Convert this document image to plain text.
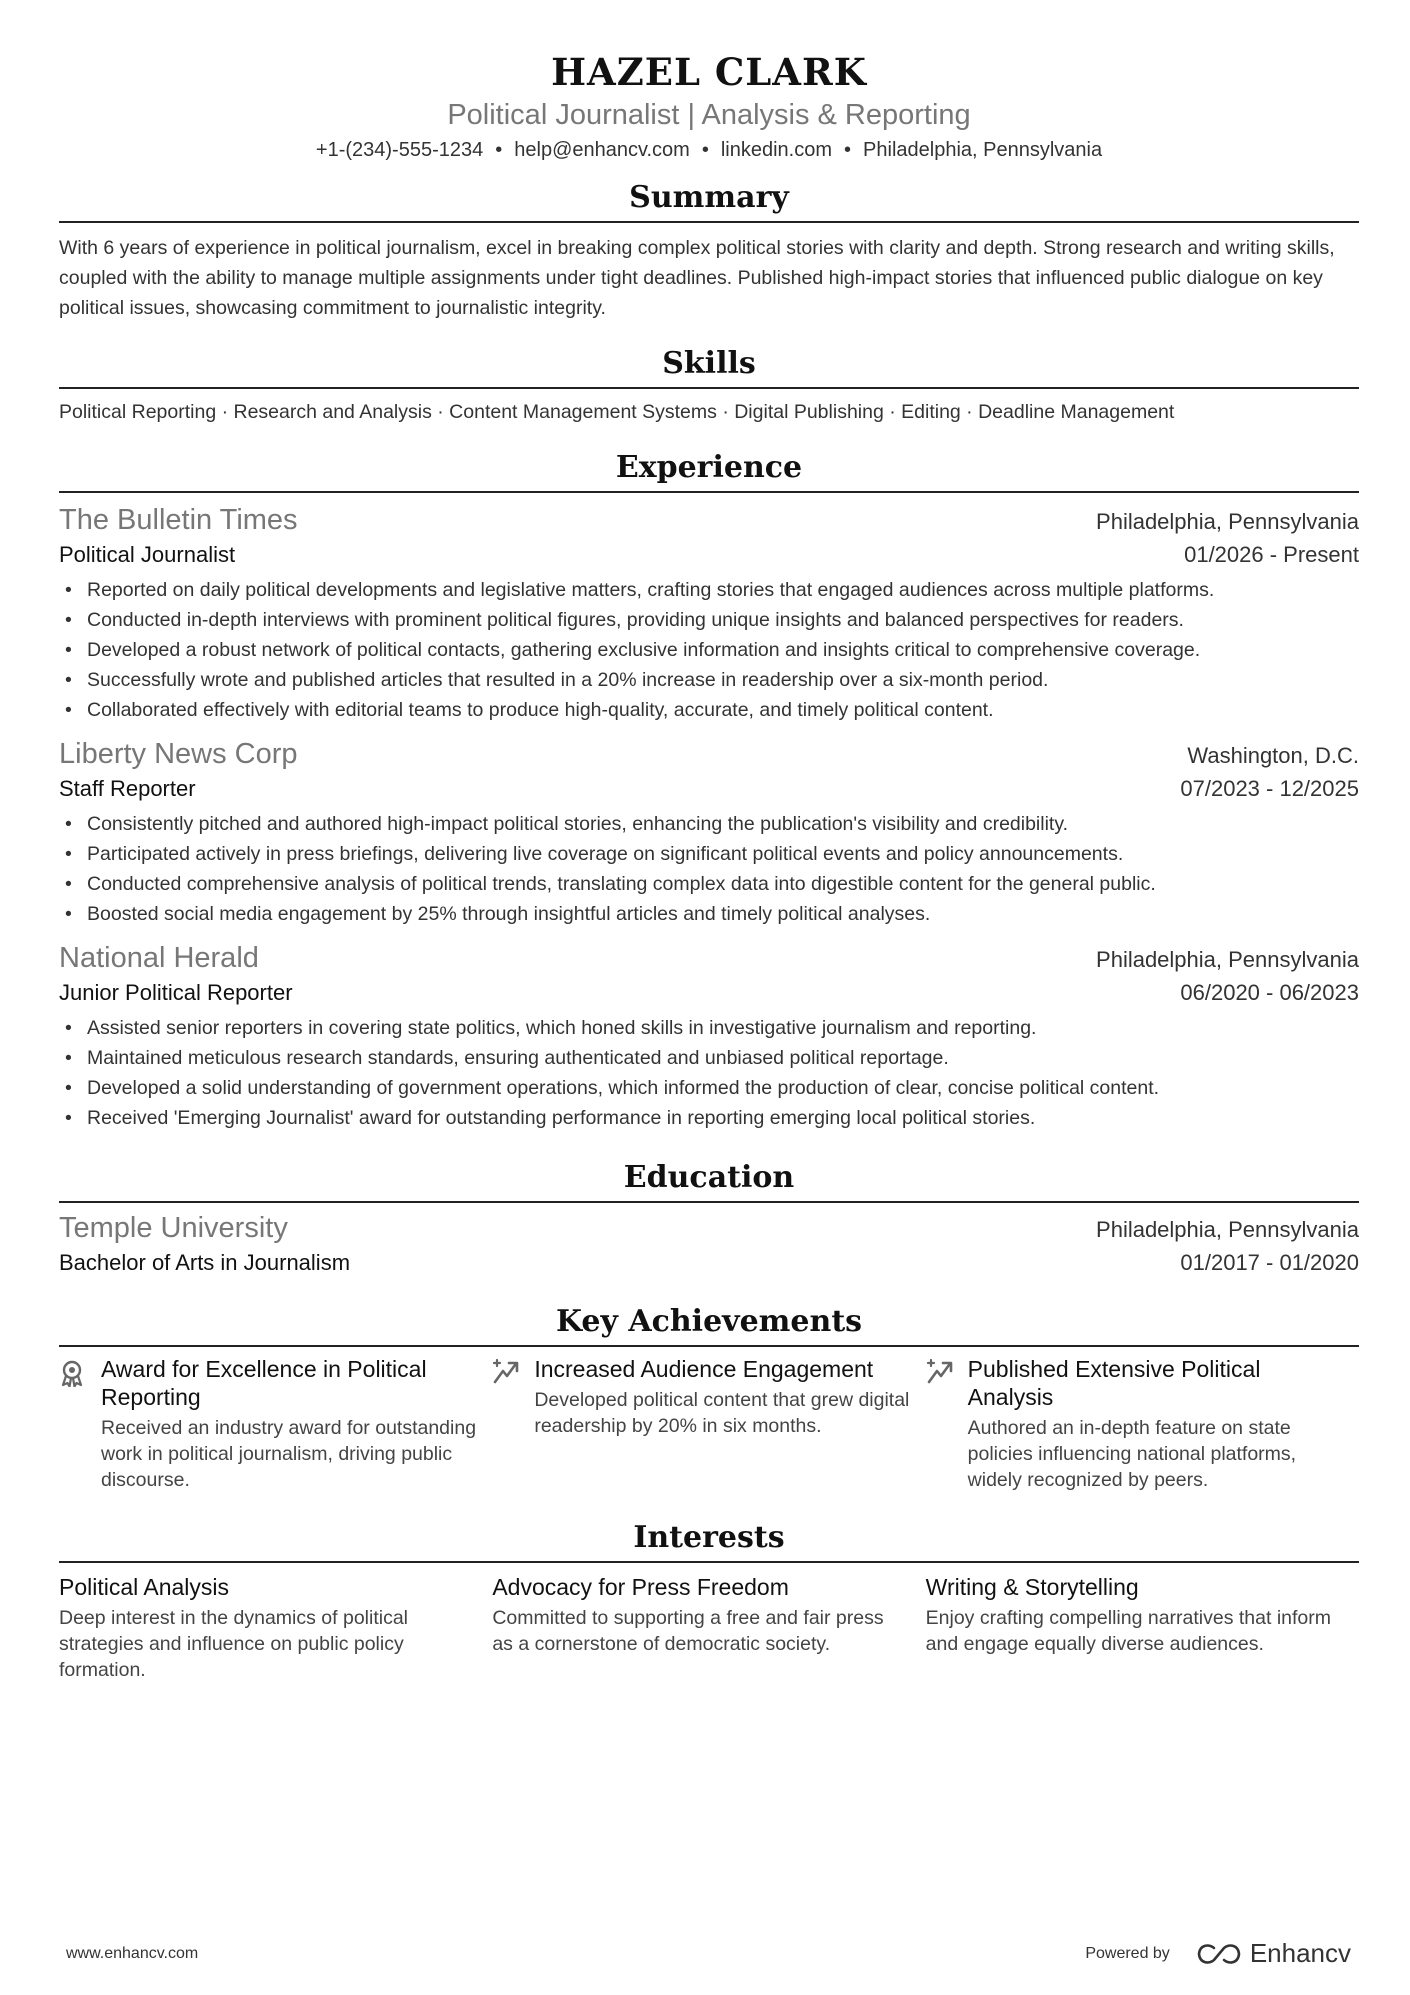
HAZEL CLARK
Political Journalist | Analysis & Reporting
+1-(234)-555-1234 • help@enhancv.com • linkedin.com • Philadelphia, Pennsylvania
Summary
With 6 years of experience in political journalism, excel in breaking complex political stories with clarity and depth. Strong research and writing skills, coupled with the ability to manage multiple assignments under tight deadlines. Published high-impact stories that influenced public dialogue on key political issues, showcasing commitment to journalistic integrity.
Skills
Political Reporting · Research and Analysis · Content Management Systems · Digital Publishing · Editing · Deadline Management
Experience
The Bulletin Times	Philadelphia, Pennsylvania
Political Journalist	01/2026 - Present
• Reported on daily political developments and legislative matters, crafting stories that engaged audiences across multiple platforms.
• Conducted in-depth interviews with prominent political figures, providing unique insights and balanced perspectives for readers.
• Developed a robust network of political contacts, gathering exclusive information and insights critical to comprehensive coverage.
• Successfully wrote and published articles that resulted in a 20% increase in readership over a six-month period.
• Collaborated effectively with editorial teams to produce high-quality, accurate, and timely political content.
Liberty News Corp	Washington, D.C.
Staff Reporter	07/2023 - 12/2025
• Consistently pitched and authored high-impact political stories, enhancing the publication's visibility and credibility.
• Participated actively in press briefings, delivering live coverage on significant political events and policy announcements.
• Conducted comprehensive analysis of political trends, translating complex data into digestible content for the general public.
• Boosted social media engagement by 25% through insightful articles and timely political analyses.
National Herald	Philadelphia, Pennsylvania
Junior Political Reporter	06/2020 - 06/2023
• Assisted senior reporters in covering state politics, which honed skills in investigative journalism and reporting.
• Maintained meticulous research standards, ensuring authenticated and unbiased political reportage.
• Developed a solid understanding of government operations, which informed the production of clear, concise political content.
• Received 'Emerging Journalist' award for outstanding performance in reporting emerging local political stories.
Education
Temple University	Philadelphia, Pennsylvania
Bachelor of Arts in Journalism	01/2017 - 01/2020
Key Achievements
Award for Excellence in Political Reporting
Received an industry award for outstanding work in political journalism, driving public discourse.
Increased Audience Engagement
Developed political content that grew digital readership by 20% in six months.
Published Extensive Political Analysis
Authored an in-depth feature on state policies influencing national platforms, widely recognized by peers.
Interests
Political Analysis
Deep interest in the dynamics of political strategies and influence on public policy formation.
Advocacy for Press Freedom
Committed to supporting a free and fair press as a cornerstone of democratic society.
Writing & Storytelling
Enjoy crafting compelling narratives that inform and engage equally diverse audiences.
www.enhancv.com	Powered by	Enhancv
